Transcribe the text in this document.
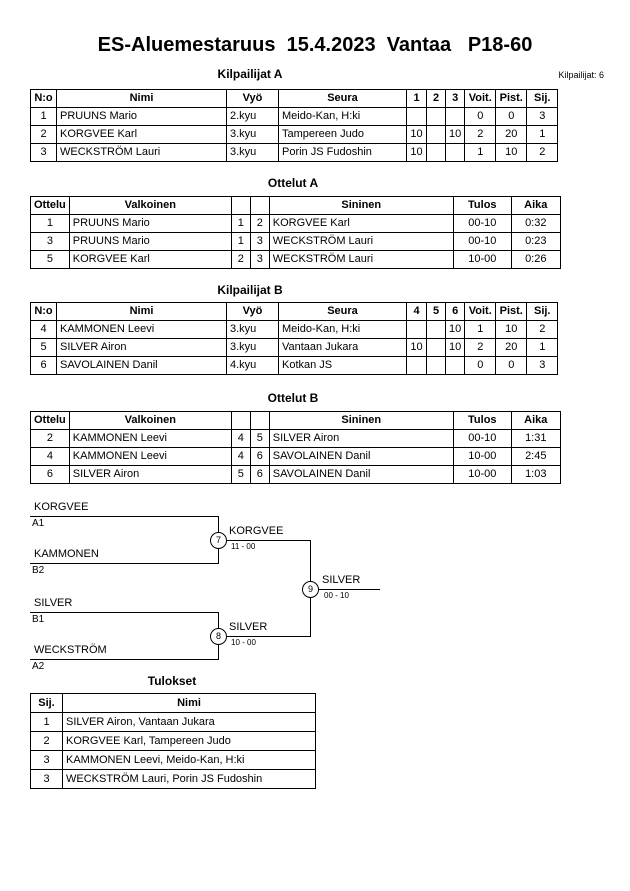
ES-Aluemestaruus  15.4.2023  Vantaa   P18-60
Kilpailijat: 6
Kilpailijat A
N:o	Nimi	Vyö	Seura	1	2	3	Voit.	Pist.	Sij.
1	PRUUNS Mario	2.kyu	Meido-Kan, H:ki				0	0	3
2	KORGVEE Karl	3.kyu	Tampereen Judo	10		10	2	20	1
3	WECKSTRÖM Lauri	3.kyu	Porin JS Fudoshin	10			1	10	2
Ottelut A
Ottelu	Valkoinen			Sininen	Tulos	Aika
1	PRUUNS Mario	1	2	KORGVEE Karl	00-10	0:32
3	PRUUNS Mario	1	3	WECKSTRÖM Lauri	00-10	0:23
5	KORGVEE Karl	2	3	WECKSTRÖM Lauri	10-00	0:26
Kilpailijat B
N:o	Nimi	Vyö	Seura	4	5	6	Voit.	Pist.	Sij.
4	KAMMONEN Leevi	3.kyu	Meido-Kan, H:ki			10	1	10	2
5	SILVER Airon	3.kyu	Vantaan Jukara	10		10	2	20	1
6	SAVOLAINEN Danil	4.kyu	Kotkan JS				0	0	3
Ottelut B
Ottelu	Valkoinen			Sininen	Tulos	Aika
2	KAMMONEN Leevi	4	5	SILVER Airon	00-10	1:31
4	KAMMONEN Leevi	4	6	SAVOLAINEN Danil	10-00	2:45
6	SILVER Airon	5	6	SAVOLAINEN Danil	10-00	1:03
KORGVEE
A1
KAMMONEN
B2
7
KORGVEE
11 - 00
SILVER
B1
WECKSTRÖM
A2
8
SILVER
10 - 00
9
SILVER
00 - 10
Tulokset
Sij.	Nimi
1	SILVER Airon, Vantaan Jukara
2	KORGVEE Karl, Tampereen Judo
3	KAMMONEN Leevi, Meido-Kan, H:ki
3	WECKSTRÖM Lauri, Porin JS Fudoshin
